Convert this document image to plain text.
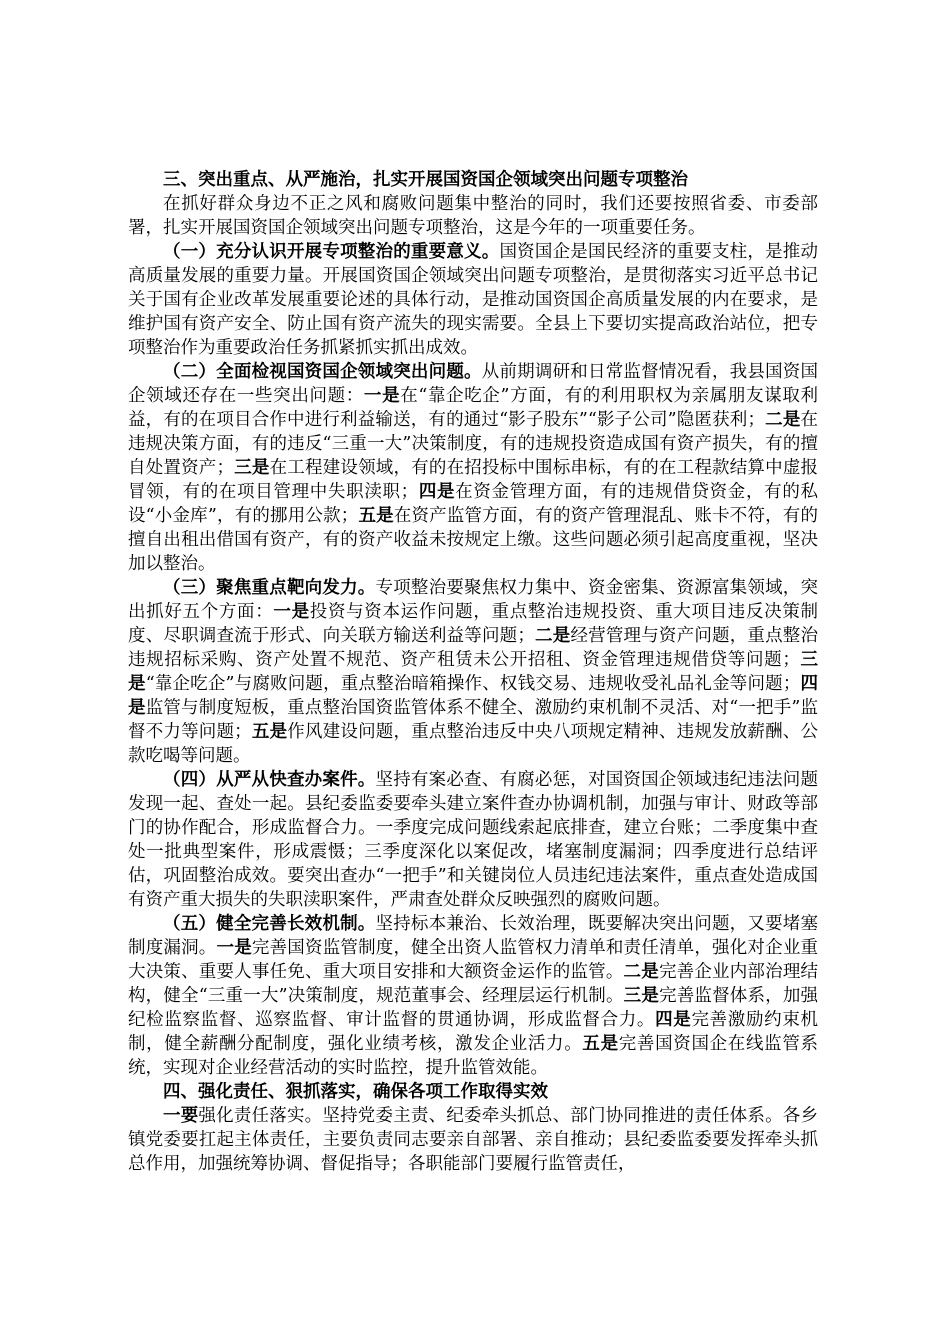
三、突出重点、从严施治，扎实开展国资国企领域突出问题专项整治

在抓好群众身边不正之风和腐败问题集中整治的同时，我们还要按照省委、市委部署，扎实开展国资国企领域突出问题专项整治，这是今年的一项重要任务。

（一）充分认识开展专项整治的重要意义。国资国企是国民经济的重要支柱，是推动高质量发展的重要力量。开展国资国企领域突出问题专项整治，是贯彻落实习近平总书记关于国有企业改革发展重要论述的具体行动，是推动国资国企高质量发展的内在要求，是维护国有资产安全、防止国有资产流失的现实需要。全县上下要切实提高政治站位，把专项整治作为重要政治任务抓紧抓实抓出成效。

（二）全面检视国资国企领域突出问题。从前期调研和日常监督情况看，我县国资国企领域还存在一些突出问题：一是在“靠企吃企”方面，有的利用职权为亲属朋友谋取利益，有的在项目合作中进行利益输送，有的通过“影子股东”“影子公司”隐匿获利；二是在违规决策方面，有的违反“三重一大”决策制度，有的违规投资造成国有资产损失，有的擅自处置资产；三是在工程建设领域，有的在招投标中围标串标，有的在工程款结算中虚报冒领，有的在项目管理中失职渎职；四是在资金管理方面，有的违规借贷资金，有的私设“小金库”，有的挪用公款；五是在资产监管方面，有的资产管理混乱、账卡不符，有的擅自出租出借国有资产，有的资产收益未按规定上缴。这些问题必须引起高度重视，坚决加以整治。

（三）聚焦重点靶向发力。专项整治要聚焦权力集中、资金密集、资源富集领域，突出抓好五个方面：一是投资与资本运作问题，重点整治违规投资、重大项目违反决策制度、尽职调查流于形式、向关联方输送利益等问题；二是经营管理与资产问题，重点整治违规招标采购、资产处置不规范、资产租赁未公开招租、资金管理违规借贷等问题；三是“靠企吃企”与腐败问题，重点整治暗箱操作、权钱交易、违规收受礼品礼金等问题；四是监管与制度短板，重点整治国资监管体系不健全、激励约束机制不灵活、对“一把手”监督不力等问题；五是作风建设问题，重点整治违反中央八项规定精神、违规发放薪酬、公款吃喝等问题。

（四）从严从快查办案件。坚持有案必查、有腐必惩，对国资国企领域违纪违法问题发现一起、查处一起。县纪委监委要牵头建立案件查办协调机制，加强与审计、财政等部门的协作配合，形成监督合力。一季度完成问题线索起底排查，建立台账；二季度集中查处一批典型案件，形成震慑；三季度深化以案促改，堵塞制度漏洞；四季度进行总结评估，巩固整治成效。要突出查办“一把手”和关键岗位人员违纪违法案件，重点查处造成国有资产重大损失的失职渎职案件，严肃查处群众反映强烈的腐败问题。

（五）健全完善长效机制。坚持标本兼治、长效治理，既要解决突出问题，又要堵塞制度漏洞。一是完善国资监管制度，健全出资人监管权力清单和责任清单，强化对企业重大决策、重要人事任免、重大项目安排和大额资金运作的监管。二是完善企业内部治理结构，健全“三重一大”决策制度，规范董事会、经理层运行机制。三是完善监督体系，加强纪检监察监督、巡察监督、审计监督的贯通协调，形成监督合力。四是完善激励约束机制，健全薪酬分配制度，强化业绩考核，激发企业活力。五是完善国资国企在线监管系统，实现对企业经营活动的实时监控，提升监管效能。

四、强化责任、狠抓落实，确保各项工作取得实效

一要强化责任落实。坚持党委主责、纪委牵头抓总、部门协同推进的责任体系。各乡镇党委要扛起主体责任，主要负责同志要亲自部署、亲自推动；县纪委监委要发挥牵头抓总作用，加强统筹协调、督促指导；各职能部门要履行监管责任，
